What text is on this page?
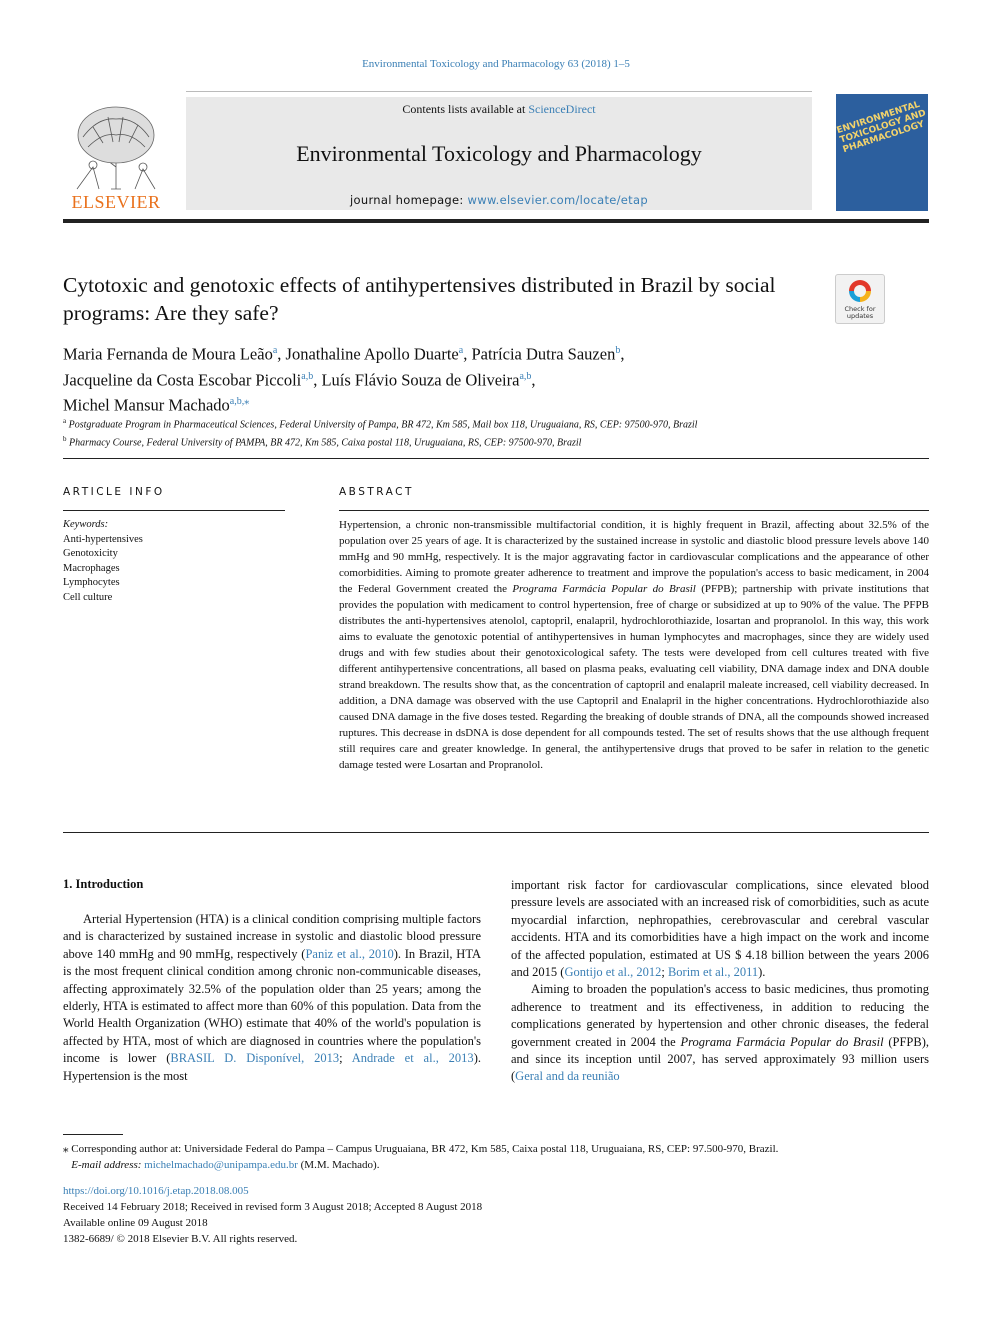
Environmental Toxicology and Pharmacology 63 (2018) 1–5
ELSEVIER
Contents lists available at ScienceDirect
Environmental Toxicology and Pharmacology
journal homepage: www.elsevier.com/locate/etap
ENVIRONMENTAL TOXICOLOGY AND PHARMACOLOGY
Cytotoxic and genotoxic effects of antihypertensives distributed in Brazil by social programs: Are they safe?	Check for
updates
Maria Fernanda de Moura Leão$^a$, Jonathaline Apollo Duarte$^a$, Patrícia Dutra Sauzen$^b$,
Jacqueline da Costa Escobar Piccoli$^{a,b}$, Luís Flávio Souza de Oliveira$^{a,b}$,
Michel Mansur Machado$^{a,b,⁎}$
$^a$ Postgraduate Program in Pharmaceutical Sciences, Federal University of Pampa, BR 472, Km 585, Mail box 118, Uruguaiana, RS, CEP: 97500-970, Brazil
$^b$ Pharmacy Course, Federal University of PAMPA, BR 472, Km 585, Caixa postal 118, Uruguaiana, RS, CEP: 97500-970, Brazil
ARTICLE INFO
Keywords:
Anti-hypertensives
Genotoxicity
Macrophages
Lymphocytes
Cell culture
ABSTRACT
Hypertension, a chronic non-transmissible multifactorial condition, it is highly frequent in Brazil, affecting about 32.5% of the population over 25 years of age. It is characterized by the sustained increase in systolic and diastolic blood pressure levels above 140 mmHg and 90 mmHg, respectively. It is the major aggravating factor in cardiovascular complications and the appearance of other comorbidities. Aiming to promote greater adherence to treatment and improve the population's access to basic medicament, in 2004 the Federal Government created the Programa Farmácia Popular do Brasil (PFPB); partnership with private institutions that provides the population with medicament to control hypertension, free of charge or subsidized at up to 90% of the value. The PFPB distributes the anti-hypertensives atenolol, captopril, enalapril, hydrochlorothiazide, losartan and propranolol. In this way, this work aims to evaluate the genotoxic potential of antihypertensives in human lymphocytes and macrophages, since they are widely used drugs and with few studies about their genotoxicological safety. The tests were developed from cell cultures treated with five different antihypertensive concentrations, all based on plasma peaks, evaluating cell viability, DNA damage index and DNA double strand breakdown. The results show that, as the concentration of captopril and enalapril maleate increased, cell viability decreased. In addition, a DNA damage was observed with the use Captopril and Enalapril in the higher concentrations. Hydrochlorothiazide also caused DNA damage in the five doses tested. Regarding the breaking of double strands of DNA, all the compounds showed increased ruptures. This decrease in dsDNA is dose dependent for all compounds tested. The set of results shows that the use although frequent still requires care and greater knowledge. In general, the antihypertensive drugs that proved to be safer in relation to the genetic damage tested were Losartan and Propranolol.
1. Introduction

Arterial Hypertension (HTA) is a clinical condition comprising multiple factors and is characterized by sustained increase in systolic and diastolic blood pressure above 140 mmHg and 90 mmHg, respectively (Paniz et al., 2010). In Brazil, HTA is the most frequent clinical condition among chronic non-communicable diseases, affecting approximately 32.5% of the population older than 25 years; among the elderly, HTA is estimated to affect more than 60% of this population. Data from the World Health Organization (WHO) estimate that 40% of the world's population is affected by HTA, most of which are diagnosed in countries where the population's income is lower (BRASIL D. Disponível, 2013; Andrade et al., 2013). Hypertension is the most

important risk factor for cardiovascular complications, since elevated blood pressure levels are associated with an increased risk of comorbidities, such as acute myocardial infarction, nephropathies, cerebrovascular and cerebral vascular accidents. HTA and its comorbidities have a high impact on the work and income of the affected population, estimated at US $ 4.18 billion between the years 2006 and 2015 (Gontijo et al., 2012; Borim et al., 2011).

Aiming to broaden the population's access to basic medicines, thus promoting adherence to treatment and its effectiveness, in addition to reducing the complications generated by hypertension and other chronic diseases, the federal government created in 2004 the Programa Farmácia Popular do Brasil (PFPB), and since its inception until 2007, has served approximately 93 million users (Geral and da reunião

⁎ Corresponding author at: Universidade Federal do Pampa – Campus Uruguaiana, BR 472, Km 585, Caixa postal 118, Uruguaiana, RS, CEP: 97.500-970, Brazil.
E-mail address: michelmachado@unipampa.edu.br (M.M. Machado).
https://doi.org/10.1016/j.etap.2018.08.005
Received 14 February 2018; Received in revised form 3 August 2018; Accepted 8 August 2018
Available online 09 August 2018
1382-6689/ © 2018 Elsevier B.V. All rights reserved.
